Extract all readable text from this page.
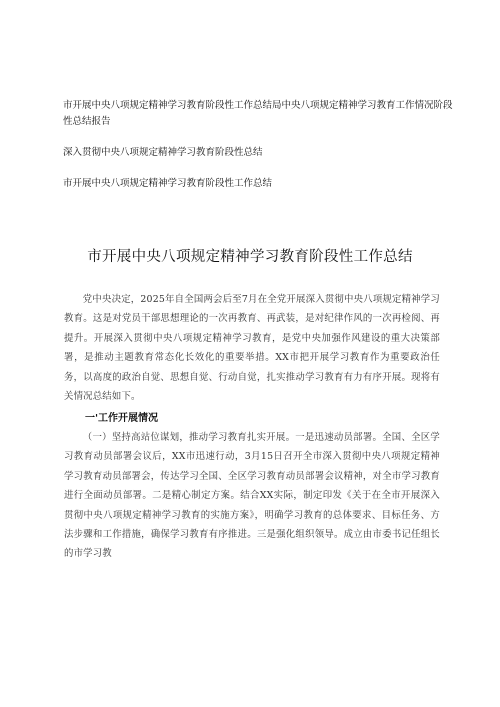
市开展中央八项规定精神学习教育阶段性工作总结局中央八项规定精神学习教育工作情况阶段性总结报告
深入贯彻中央八项规定精神学习教育阶段性总结
市开展中央八项规定精神学习教育阶段性工作总结
市开展中央八项规定精神学习教育阶段性工作总结

党中央决定，2025年自全国两会后至7月在全党开展深入贯彻中央八项规定精神学习教育。这是对党员干部思想理论的一次再教育、再武装，是对纪律作风的一次再检阅、再提升。开展深入贯彻中央八项规定精神学习教育，是党中央加强作风建设的重大决策部署，是推动主题教育常态化长效化的重要举措。XX市把开展学习教育作为重要政治任务，以高度的政治自觉、思想自觉、行动自觉，扎实推动学习教育有力有序开展。现将有关情况总结如下。

一'工作开展情况

（一）坚持高站位谋划，推动学习教育扎实开展。一是迅速动员部署。全国、全区学习教育动员部署会议后，XX市迅速行动，3月15日召开全市深入贯彻中央八项规定精神学习教育动员部署会，传达学习全国、全区学习教育动员部署会议精神，对全市学习教育进行全面动员部署。二是精心制定方案。结合XX实际，制定印发《关于在全市开展深入贯彻中央八项规定精神学习教育的实施方案》，明确学习教育的总体要求、目标任务、方法步骤和工作措施，确保学习教育有序推进。三是强化组织领导。成立由市委书记任组长的市学习教
